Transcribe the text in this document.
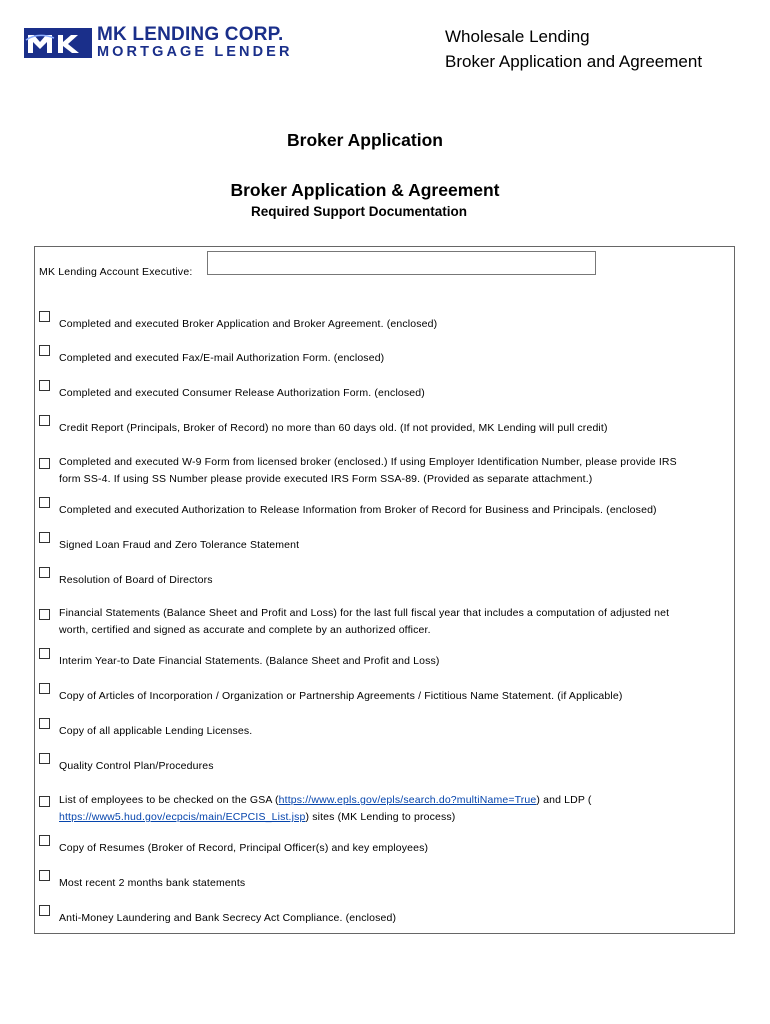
MK LENDING CORP.
MORTGAGE LENDER
Wholesale Lending
Broker Application and Agreement
Broker Application
Broker Application & Agreement
Required Support Documentation
MK Lending Account Executive:
Completed and executed Broker Application and Broker Agreement. (enclosed)
Completed and executed Fax/E-mail Authorization Form. (enclosed)
Completed and executed Consumer Release Authorization Form. (enclosed)
Credit Report (Principals, Broker of Record) no more than 60 days old. (If not provided, MK Lending will pull credit)
Completed and executed W-9 Form from licensed broker (enclosed.) If using Employer Identification Number, please provide IRS
form SS-4. If using SS Number please provide executed IRS Form SSA-89. (Provided as separate attachment.)
Completed and executed Authorization to Release Information from Broker of Record for Business and Principals. (enclosed)
Signed Loan Fraud and Zero Tolerance Statement
Resolution of Board of Directors
Financial Statements (Balance Sheet and Profit and Loss) for the last full fiscal year that includes a computation of adjusted net
worth, certified and signed as accurate and complete by an authorized officer.
Interim Year-to Date Financial Statements. (Balance Sheet and Profit and Loss)
Copy of Articles of Incorporation / Organization or Partnership Agreements / Fictitious Name Statement. (if Applicable)
Copy of all applicable Lending Licenses.
Quality Control Plan/Procedures
List of employees to be checked on the GSA (https://www.epls.gov/epls/search.do?multiName=True) and LDP (
https://www5.hud.gov/ecpcis/main/ECPCIS_List.jsp) sites (MK Lending to process)
Copy of Resumes (Broker of Record, Principal Officer(s) and key employees)
Most recent 2 months bank statements
Anti-Money Laundering and Bank Secrecy Act Compliance. (enclosed)
